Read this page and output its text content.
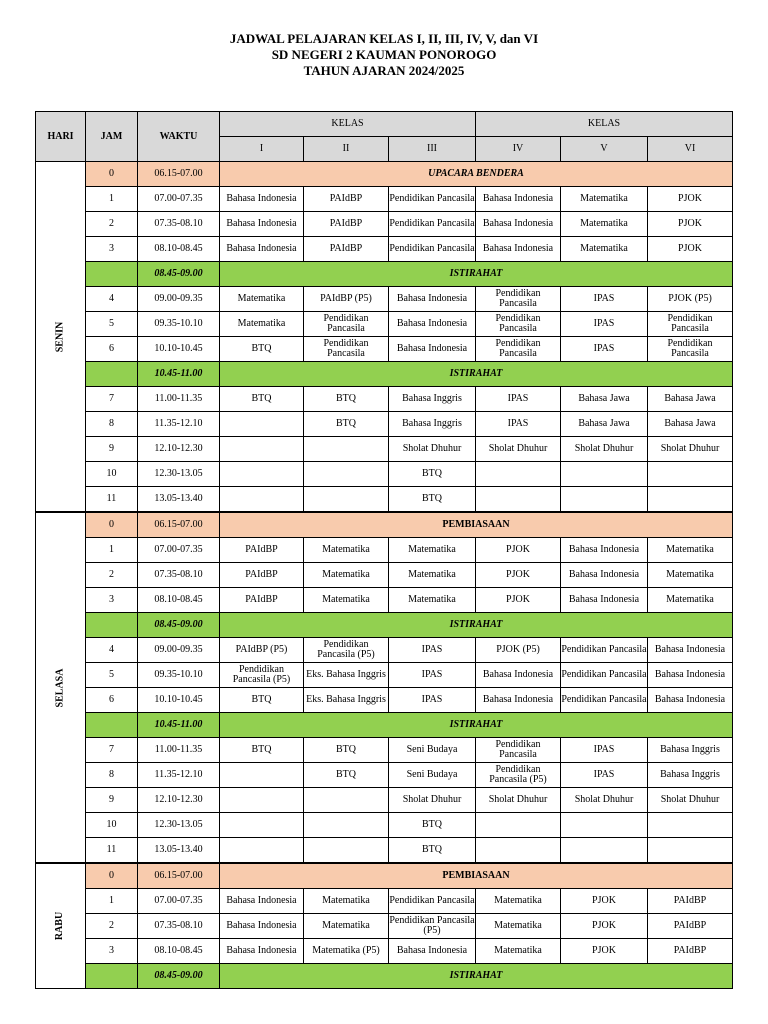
JADWAL PELAJARAN KELAS I, II, III, IV, V, dan VI
SD NEGERI 2 KAUMAN PONOROGO
TAHUN AJARAN 2024/2025
HARI	JAM	WAKTU	KELAS			KELAS		
			I	II	III	IV	V	VI
SENIN	0	06.15-07.00	UPACARA BENDERA					
	1	07.00-07.35	Bahasa Indonesia	PAIdBP	Pendidikan Pancasila	Bahasa Indonesia	Matematika	PJOK
	2	07.35-08.10	Bahasa Indonesia	PAIdBP	Pendidikan Pancasila	Bahasa Indonesia	Matematika	PJOK
	3	08.10-08.45	Bahasa Indonesia	PAIdBP	Pendidikan Pancasila	Bahasa Indonesia	Matematika	PJOK
		08.45-09.00	ISTIRAHAT					
	4	09.00-09.35	Matematika	PAIdBP (P5)	Bahasa Indonesia	Pendidikan Pancasila	IPAS	PJOK (P5)
	5	09.35-10.10	Matematika	Pendidikan Pancasila	Bahasa Indonesia	Pendidikan Pancasila	IPAS	Pendidikan Pancasila
	6	10.10-10.45	BTQ	Pendidikan Pancasila	Bahasa Indonesia	Pendidikan Pancasila	IPAS	Pendidikan Pancasila
		10.45-11.00	ISTIRAHAT					
	7	11.00-11.35	BTQ	BTQ	Bahasa Inggris	IPAS	Bahasa Jawa	Bahasa Jawa
	8	11.35-12.10		BTQ	Bahasa Inggris	IPAS	Bahasa Jawa	Bahasa Jawa
	9	12.10-12.30			Sholat Dhuhur	Sholat Dhuhur	Sholat Dhuhur	Sholat Dhuhur
	10	12.30-13.05			BTQ			
	11	13.05-13.40			BTQ			
SELASA	0	06.15-07.00	PEMBIASAAN					
	1	07.00-07.35	PAIdBP	Matematika	Matematika	PJOK	Bahasa Indonesia	Matematika
	2	07.35-08.10	PAIdBP	Matematika	Matematika	PJOK	Bahasa Indonesia	Matematika
	3	08.10-08.45	PAIdBP	Matematika	Matematika	PJOK	Bahasa Indonesia	Matematika
		08.45-09.00	ISTIRAHAT					
	4	09.00-09.35	PAIdBP (P5)	Pendidikan Pancasila (P5)	IPAS	PJOK (P5)	Pendidikan Pancasila	Bahasa Indonesia
	5	09.35-10.10	Pendidikan Pancasila (P5)	Eks. Bahasa Inggris	IPAS	Bahasa Indonesia	Pendidikan Pancasila	Bahasa Indonesia
	6	10.10-10.45	BTQ	Eks. Bahasa Inggris	IPAS	Bahasa Indonesia	Pendidikan Pancasila	Bahasa Indonesia
		10.45-11.00	ISTIRAHAT					
	7	11.00-11.35	BTQ	BTQ	Seni Budaya	Pendidikan Pancasila	IPAS	Bahasa Inggris
	8	11.35-12.10		BTQ	Seni Budaya	Pendidikan Pancasila (P5)	IPAS	Bahasa Inggris
	9	12.10-12.30			Sholat Dhuhur	Sholat Dhuhur	Sholat Dhuhur	Sholat Dhuhur
	10	12.30-13.05			BTQ			
	11	13.05-13.40			BTQ			
RABU	0	06.15-07.00	PEMBIASAAN					
	1	07.00-07.35	Bahasa Indonesia	Matematika	Pendidikan Pancasila	Matematika	PJOK	PAIdBP
	2	07.35-08.10	Bahasa Indonesia	Matematika	Pendidikan Pancasila (P5)	Matematika	PJOK	PAIdBP
	3	08.10-08.45	Bahasa Indonesia	Matematika (P5)	Bahasa Indonesia	Matematika	PJOK	PAIdBP
		08.45-09.00	ISTIRAHAT					
